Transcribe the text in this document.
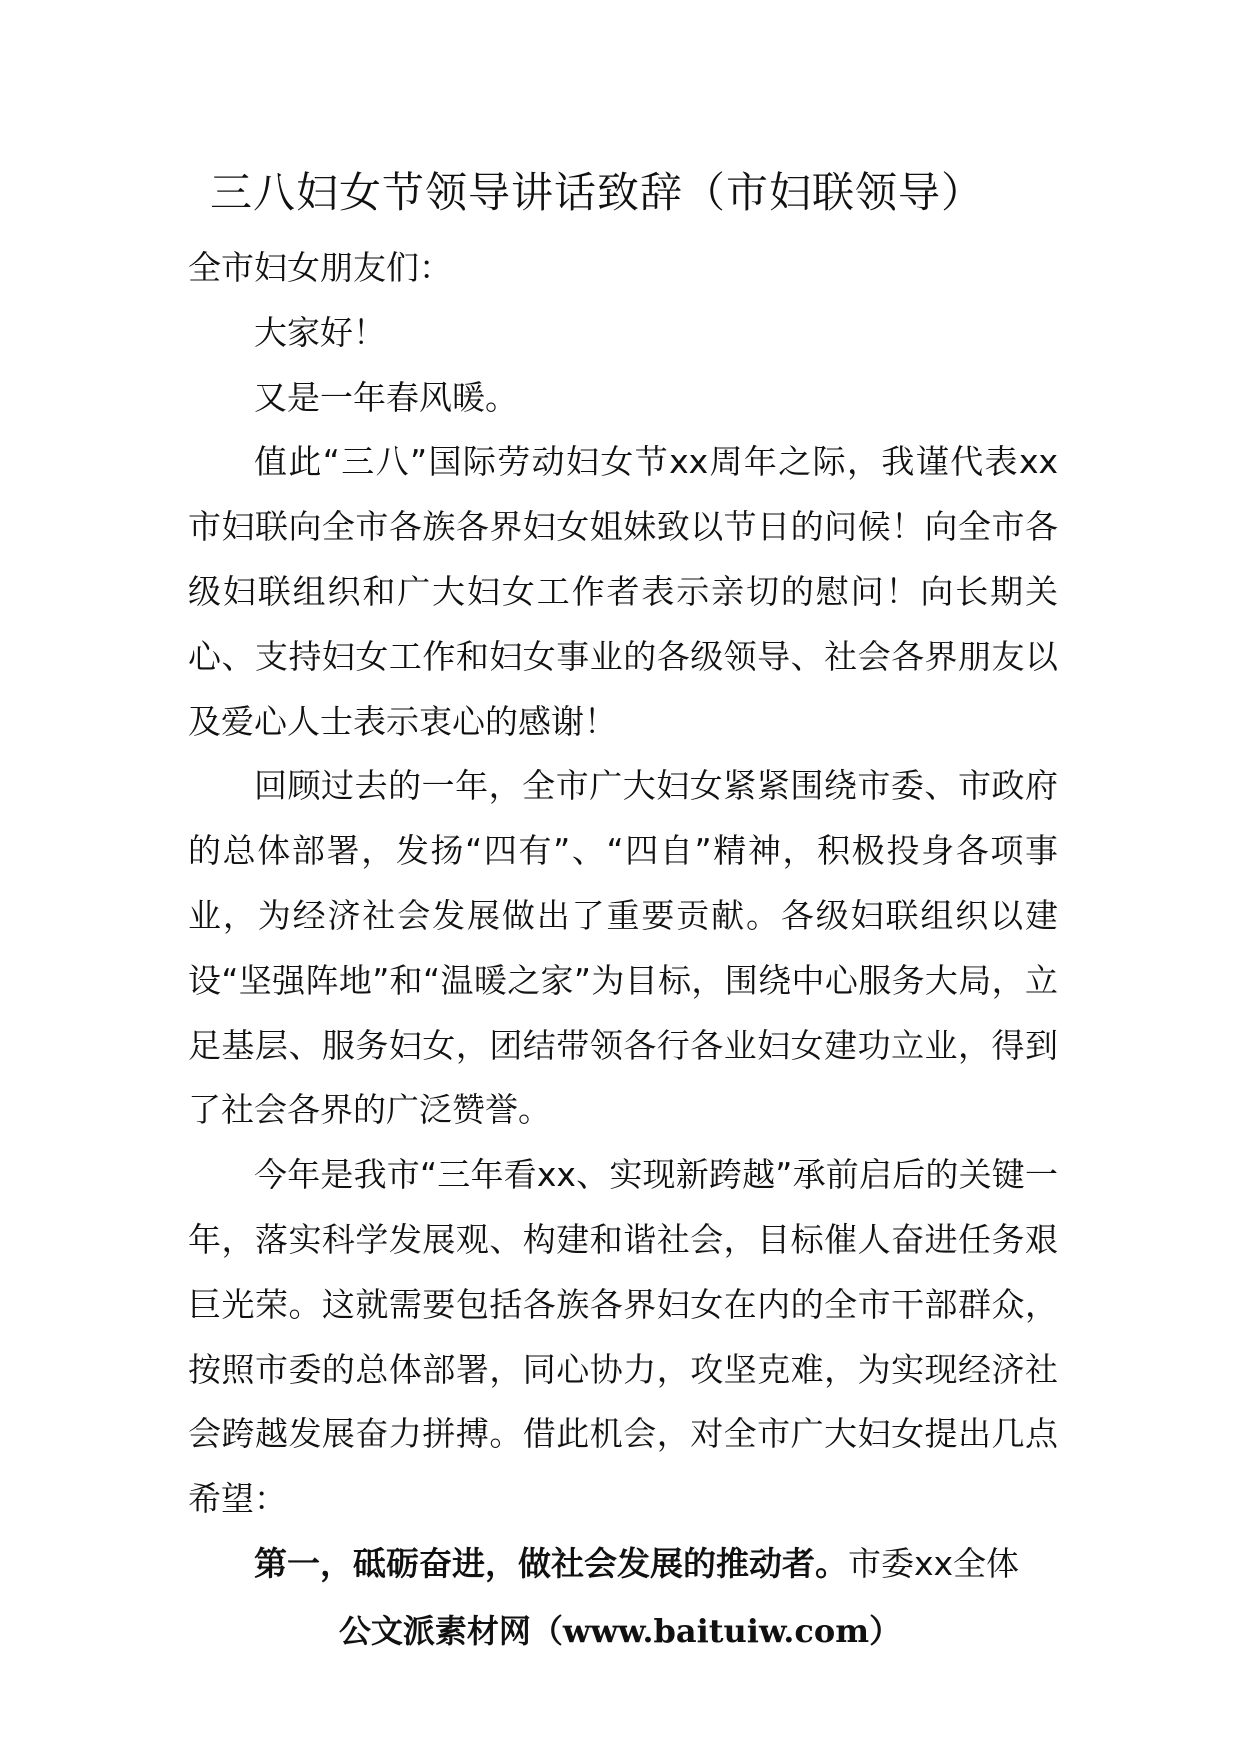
三八妇女节领导讲话致辞（市妇联领导）

全市妇女朋友们：

大家好！

又是一年春风暖。

值此“三八”国际劳动妇女节xx周年之际，我谨代表xx市妇联向全市各族各界妇女姐妹致以节日的问候！向全市各级妇联组织和广大妇女工作者表示亲切的慰问！向长期关心、支持妇女工作和妇女事业的各级领导、社会各界朋友以及爱心人士表示衷心的感谢！

回顾过去的一年，全市广大妇女紧紧围绕市委、市政府的总体部署，发扬“四有”、“四自”精神，积极投身各项事业，为经济社会发展做出了重要贡献。各级妇联组织以建设“坚强阵地”和“温暖之家”为目标，围绕中心服务大局，立足基层、服务妇女，团结带领各行各业妇女建功立业，得到了社会各界的广泛赞誉。

今年是我市“三年看xx、实现新跨越”承前启后的关键一年，落实科学发展观、构建和谐社会，目标催人奋进任务艰巨光荣。这就需要包括各族各界妇女在内的全市干部群众，按照市委的总体部署，同心协力，攻坚克难，为实现经济社会跨越发展奋力拼搏。借此机会，对全市广大妇女提出几点希望：

第一，砥砺奋进，做社会发展的推动者。市委xx全体

公文派素材网（www.baituiw.com）
